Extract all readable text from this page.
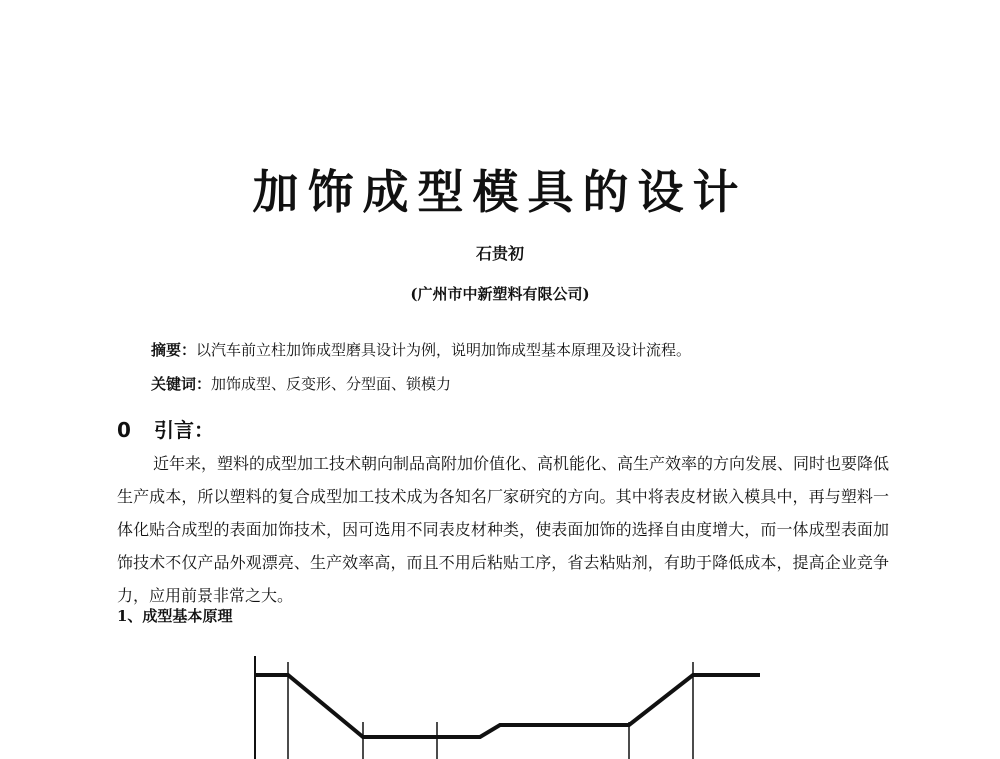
加饰成型模具的设计
石贵初
(广州市中新塑料有限公司)
摘要：以汽车前立柱加饰成型磨具设计为例，说明加饰成型基本原理及设计流程。
关键词：加饰成型、反变形、分型面、锁模力
0 引言：

近年来，塑料的成型加工技术朝向制品高附加价值化、高机能化、高生产效率的方向发展、同时也要降低生产成本，所以塑料的复合成型加工技术成为各知名厂家研究的方向。其中将表皮材嵌入模具中，再与塑料一体化贴合成型的表面加饰技术，因可选用不同表皮材种类，使表面加饰的选择自由度增大，而一体成型表面加饰技术不仅产品外观漂亮、生产效率高，而且不用后粘贴工序，省去粘贴剂，有助于降低成本，提高企业竞争力，应用前景非常之大。

1、成型基本原理
